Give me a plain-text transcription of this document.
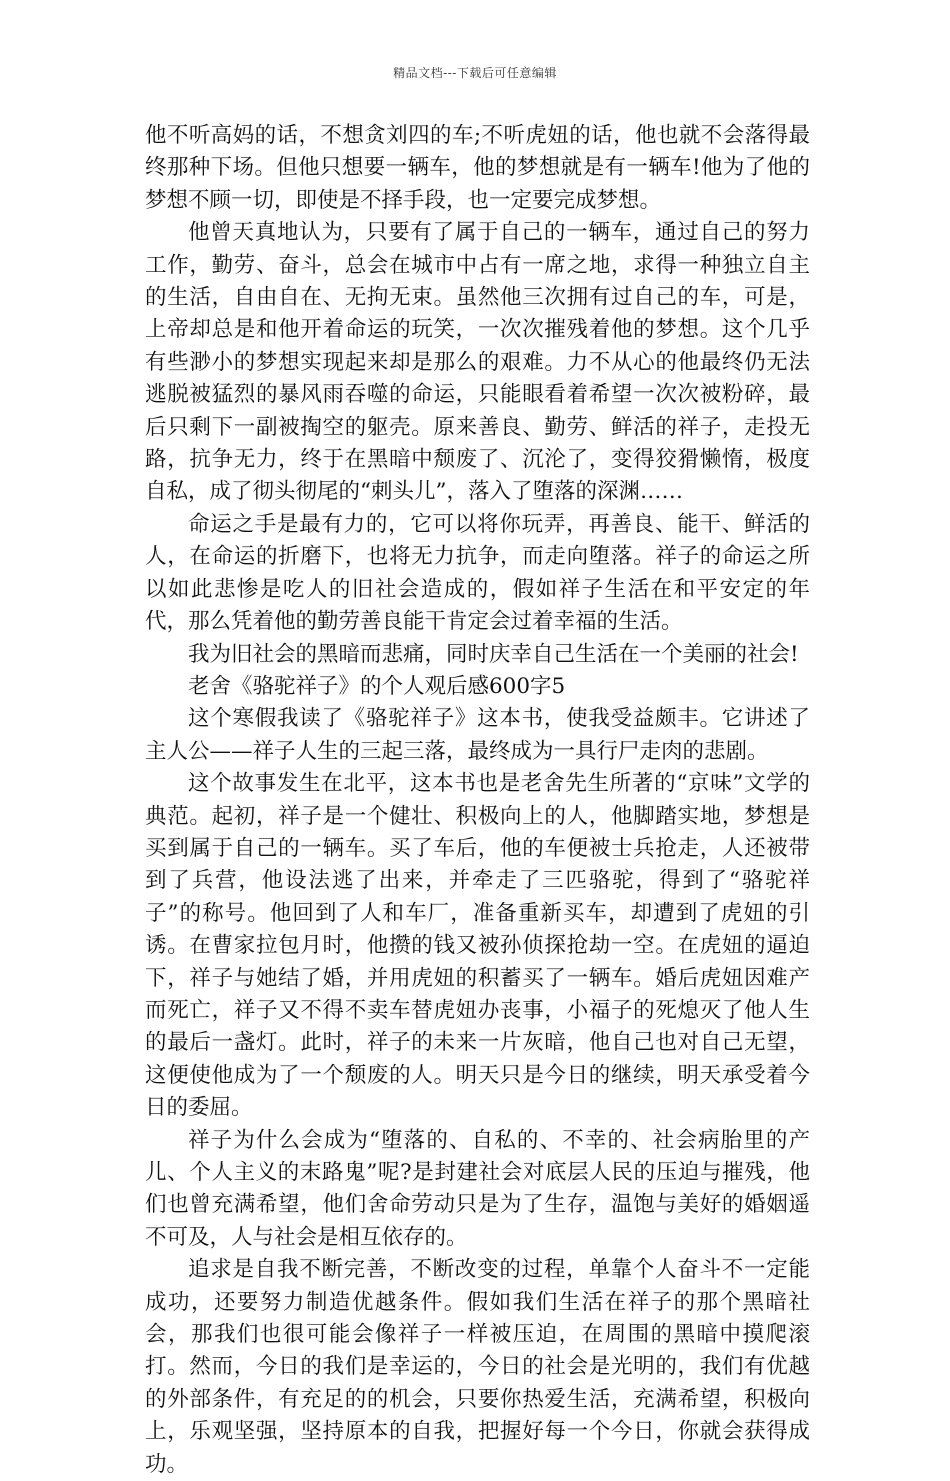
精品文档---下载后可任意编辑

他不听高妈的话，不想贪刘四的车;不听虎妞的话，他也就不会落得最终那种下场。但他只想要一辆车，他的梦想就是有一辆车!他为了他的梦想不顾一切，即使是不择手段，也一定要完成梦想。

他曾天真地认为，只要有了属于自己的一辆车，通过自己的努力工作，勤劳、奋斗，总会在城市中占有一席之地，求得一种独立自主的生活，自由自在、无拘无束。虽然他三次拥有过自己的车，可是，上帝却总是和他开着命运的玩笑，一次次摧残着他的梦想。这个几乎有些渺小的梦想实现起来却是那么的艰难。力不从心的他最终仍无法逃脱被猛烈的暴风雨吞噬的命运，只能眼看着希望一次次被粉碎，最后只剩下一副被掏空的躯壳。原来善良、勤劳、鲜活的祥子，走投无路，抗争无力，终于在黑暗中颓废了、沉沦了，变得狡猾懒惰，极度自私，成了彻头彻尾的“刺头儿”，落入了堕落的深渊……

命运之手是最有力的，它可以将你玩弄，再善良、能干、鲜活的人，在命运的折磨下，也将无力抗争，而走向堕落。祥子的命运之所以如此悲惨是吃人的旧社会造成的，假如祥子生活在和平安定的年代，那么凭着他的勤劳善良能干肯定会过着幸福的生活。

我为旧社会的黑暗而悲痛，同时庆幸自己生活在一个美丽的社会!

老舍《骆驼祥子》的个人观后感600字5

这个寒假我读了《骆驼祥子》这本书，使我受益颇丰。它讲述了主人公——祥子人生的三起三落，最终成为一具行尸走肉的悲剧。

这个故事发生在北平，这本书也是老舍先生所著的“京味”文学的典范。起初，祥子是一个健壮、积极向上的人，他脚踏实地，梦想是买到属于自己的一辆车。买了车后，他的车便被士兵抢走，人还被带到了兵营，他设法逃了出来，并牵走了三匹骆驼，得到了“骆驼祥子”的称号。他回到了人和车厂，准备重新买车，却遭到了虎妞的引诱。在曹家拉包月时，他攒的钱又被孙侦探抢劫一空。在虎妞的逼迫下，祥子与她结了婚，并用虎妞的积蓄买了一辆车。婚后虎妞因难产而死亡，祥子又不得不卖车替虎妞办丧事，小福子的死熄灭了他人生的最后一盏灯。此时，祥子的未来一片灰暗，他自己也对自己无望，这便使他成为了一个颓废的人。明天只是今日的继续，明天承受着今日的委屈。

祥子为什么会成为“堕落的、自私的、不幸的、社会病胎里的产儿、个人主义的末路鬼”呢?是封建社会对底层人民的压迫与摧残，他们也曾充满希望，他们舍命劳动只是为了生存，温饱与美好的婚姻遥不可及，人与社会是相互依存的。

追求是自我不断完善，不断改变的过程，单靠个人奋斗不一定能成功，还要努力制造优越条件。假如我们生活在祥子的那个黑暗社会，那我们也很可能会像祥子一样被压迫，在周围的黑暗中摸爬滚打。然而，今日的我们是幸运的，今日的社会是光明的，我们有优越的外部条件，有充足的的机会，只要你热爱生活，充满希望，积极向上，乐观坚强，坚持原本的自我，把握好每一个今日，你就会获得成功。
